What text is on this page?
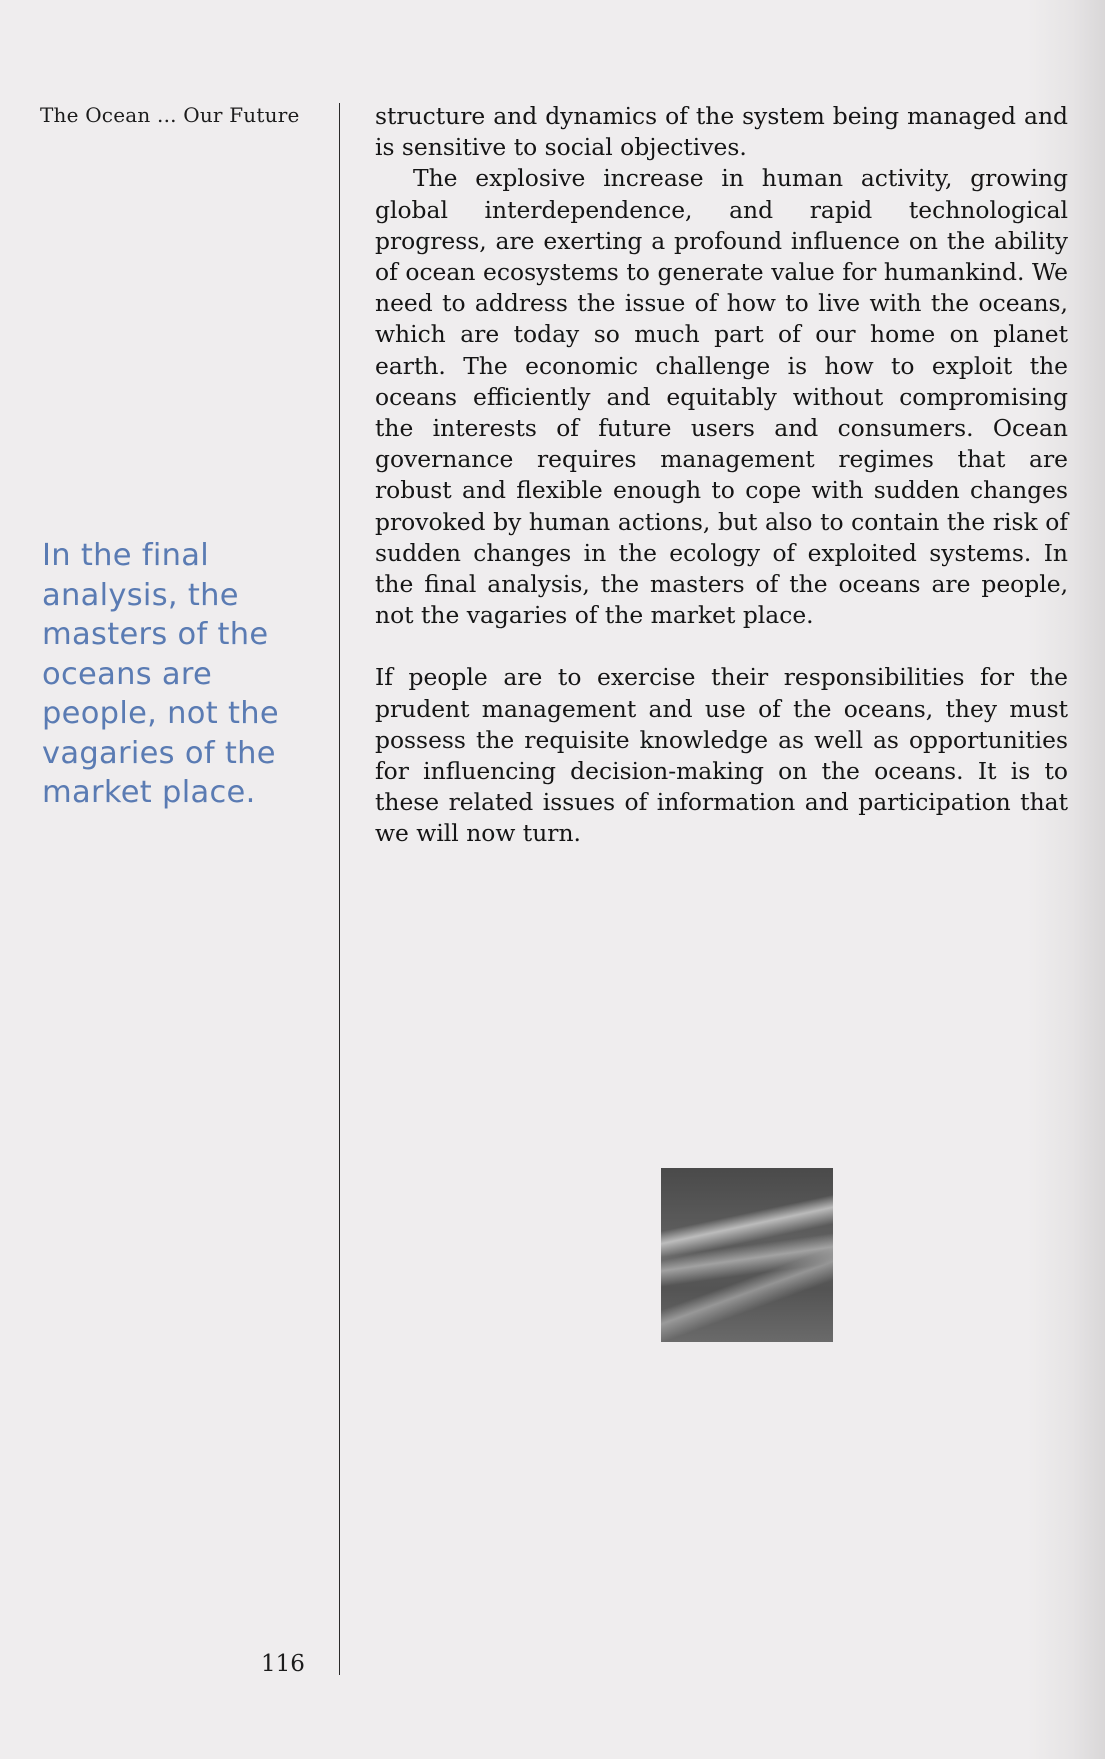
The Ocean ... Our Future
In the final analysis, the masters of the oceans are people, not the vagaries of the market place.

structure and dynamics of the system being managed and is sensitive to social objectives.

The explosive increase in human activity, growing global interdependence, and rapid technological progress, are exerting a profound influence on the ability of ocean ecosystems to generate value for humankind. We need to address the issue of how to live with the oceans, which are today so much part of our home on planet earth. The economic challenge is how to exploit the oceans efficiently and equitably without compromising the interests of future users and consumers. Ocean governance requires management regimes that are robust and flexible enough to cope with sudden changes provoked by human actions, but also to contain the risk of sudden changes in the ecology of exploited systems. In the final analysis, the masters of the oceans are people, not the vagaries of the market place.

If people are to exercise their responsibilities for the prudent management and use of the oceans, they must possess the requisite knowledge as well as opportunities for influencing decision-making on the oceans. It is to these related issues of information and participation that we will now turn.

116
